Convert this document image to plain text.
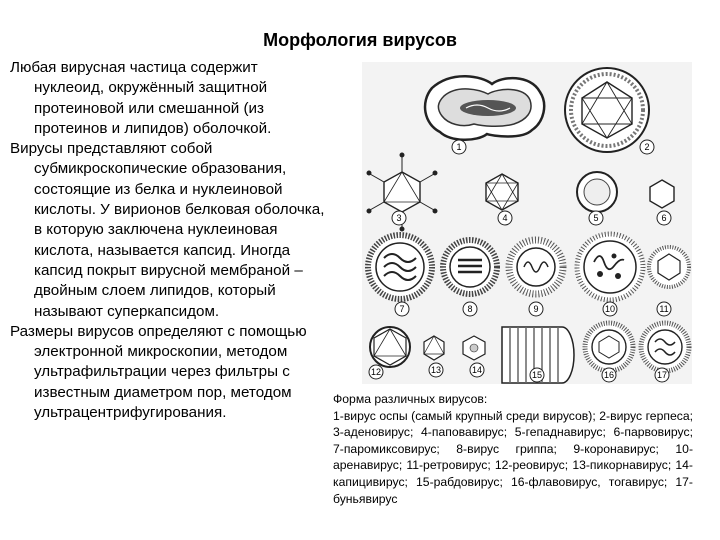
Морфология вирусов

Любая вирусная частица содержит нуклеоид, окружённый защитной протеиновой или смешанной (из протеинов и липидов) оболочкой.

Вирусы представляют собой субмикроскопические образования, состоящие из белка и нуклеиновой кислоты. У вирионов белковая оболочка, в которую заключена нуклеиновая кислота, называется капсид. Иногда капсид покрыт вирусной мембраной – двойным слоем липидов, который называют суперкапсидом.

Размеры вирусов определяют с помощью электронной микроскопии, методом ультрафильтрации через фильтры с известным диаметром пор, методом ультрацентрифугирования.

1
3	4	5	6
7	8	9	10	11
12	13	14	15	16	17
2
Форма различных вирусов:
1-вирус оспы (самый крупный среди вирусов); 2-вирус герпеса; 3-аденовирус; 4-паповавирус; 5-гепаднавирус; 6-парвовирус; 7-паромиксовирус; 8-вирус гриппа; 9-коронавирус; 10-аренавирус; 11-ретровирус; 12-реовирус; 13-пикорнавирус; 14-капицивирус; 15-рабдовирус; 16-флавовирус, тогавирус; 17-буньявирус
